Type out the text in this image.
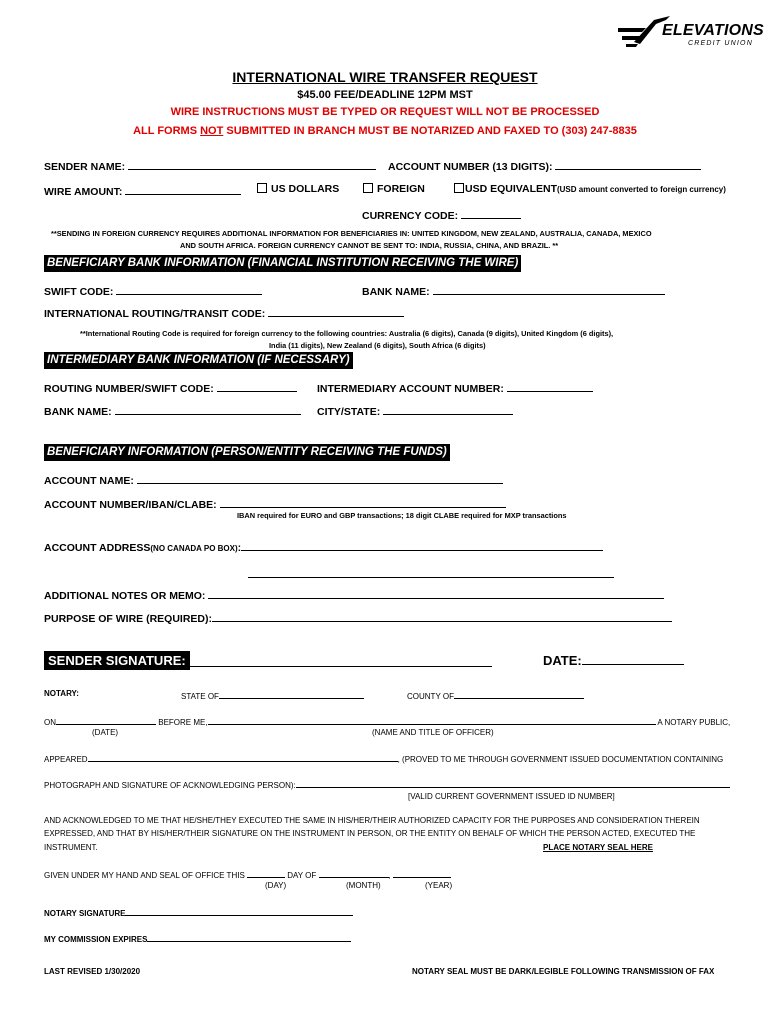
ELEVATIONS
CREDIT UNION
INTERNATIONAL WIRE TRANSFER REQUEST
$45.00 FEE/DEADLINE 12PM MST
WIRE INSTRUCTIONS MUST BE TYPED OR REQUEST WILL NOT BE PROCESSED
ALL FORMS NOT SUBMITTED IN BRANCH MUST BE NOTARIZED AND FAXED TO (303) 247-8835
SENDER NAME:	ACCOUNT NUMBER (13 DIGITS):
WIRE AMOUNT:	US DOLLARS	FOREIGN	USD EQUIVALENT(USD amount converted to foreign currency)
CURRENCY CODE:
**SENDING IN FOREIGN CURRENCY REQUIRES ADDITIONAL INFORMATION FOR BENEFICIARIES IN: UNITED KINGDOM, NEW ZEALAND, AUSTRALIA, CANADA, MEXICO
AND SOUTH AFRICA. FOREIGN CURRENCY CANNOT BE SENT TO: INDIA, RUSSIA, CHINA, AND BRAZIL. **
BENEFICIARY BANK INFORMATION (FINANCIAL INSTITUTION RECEIVING THE WIRE)
SWIFT CODE:	BANK NAME:
INTERNATIONAL ROUTING/TRANSIT CODE:
**International Routing Code is required for foreign currency to the following countries: Australia (6 digits), Canada (9 digits), United Kingdom (6 digits),
India (11 digits), New Zealand (6 digits), South Africa (6 digits)
INTERMEDIARY BANK INFORMATION (IF NECESSARY)
ROUTING NUMBER/SWIFT CODE:	INTERMEDIARY ACCOUNT NUMBER:
BANK NAME:	CITY/STATE:
BENEFICIARY INFORMATION (PERSON/ENTITY RECEIVING THE FUNDS)
ACCOUNT NAME:
ACCOUNT NUMBER/IBAN/CLABE:
IBAN required for EURO and GBP transactions; 18 digit CLABE required for MXP transactions
ACCOUNT ADDRESS(NO CANADA PO BOX):
ADDITIONAL NOTES OR MEMO:
PURPOSE OF WIRE (REQUIRED):
SENDER SIGNATURE:	DATE:
NOTARY:	STATE OF	COUNTY OF
ON	BEFORE ME,	A NOTARY PUBLIC,
(DATE)	(NAME AND TITLE OF OFFICER)
APPEARED	, (PROVED TO ME THROUGH GOVERNMENT ISSUED DOCUMENTATION CONTAINING
PHOTOGRAPH AND SIGNATURE OF ACKNOWLEDGING PERSON):
[VALID CURRENT GOVERNMENT ISSUED ID NUMBER]
AND ACKNOWLEDGED TO ME THAT HE/SHE/THEY EXECUTED THE SAME IN HIS/HER/THEIR AUTHORIZED CAPACITY FOR THE PURPOSES AND CONSIDERATION THEREIN
EXPRESSED, AND THAT BY HIS/HER/THEIR SIGNATURE ON THE INSTRUMENT IN PERSON, OR THE ENTITY ON BEHALF OF WHICH THE PERSON ACTED, EXECUTED THE
INSTRUMENT.	PLACE NOTARY SEAL HERE
GIVEN UNDER MY HAND AND SEAL OF OFFICE THIS	DAY OF	,
(DAY)	(MONTH)	(YEAR)
NOTARY SIGNATURE
MY COMMISSION EXPIRES
LAST REVISED 1/30/2020	NOTARY SEAL MUST BE DARK/LEGIBLE FOLLOWING TRANSMISSION OF FAX
